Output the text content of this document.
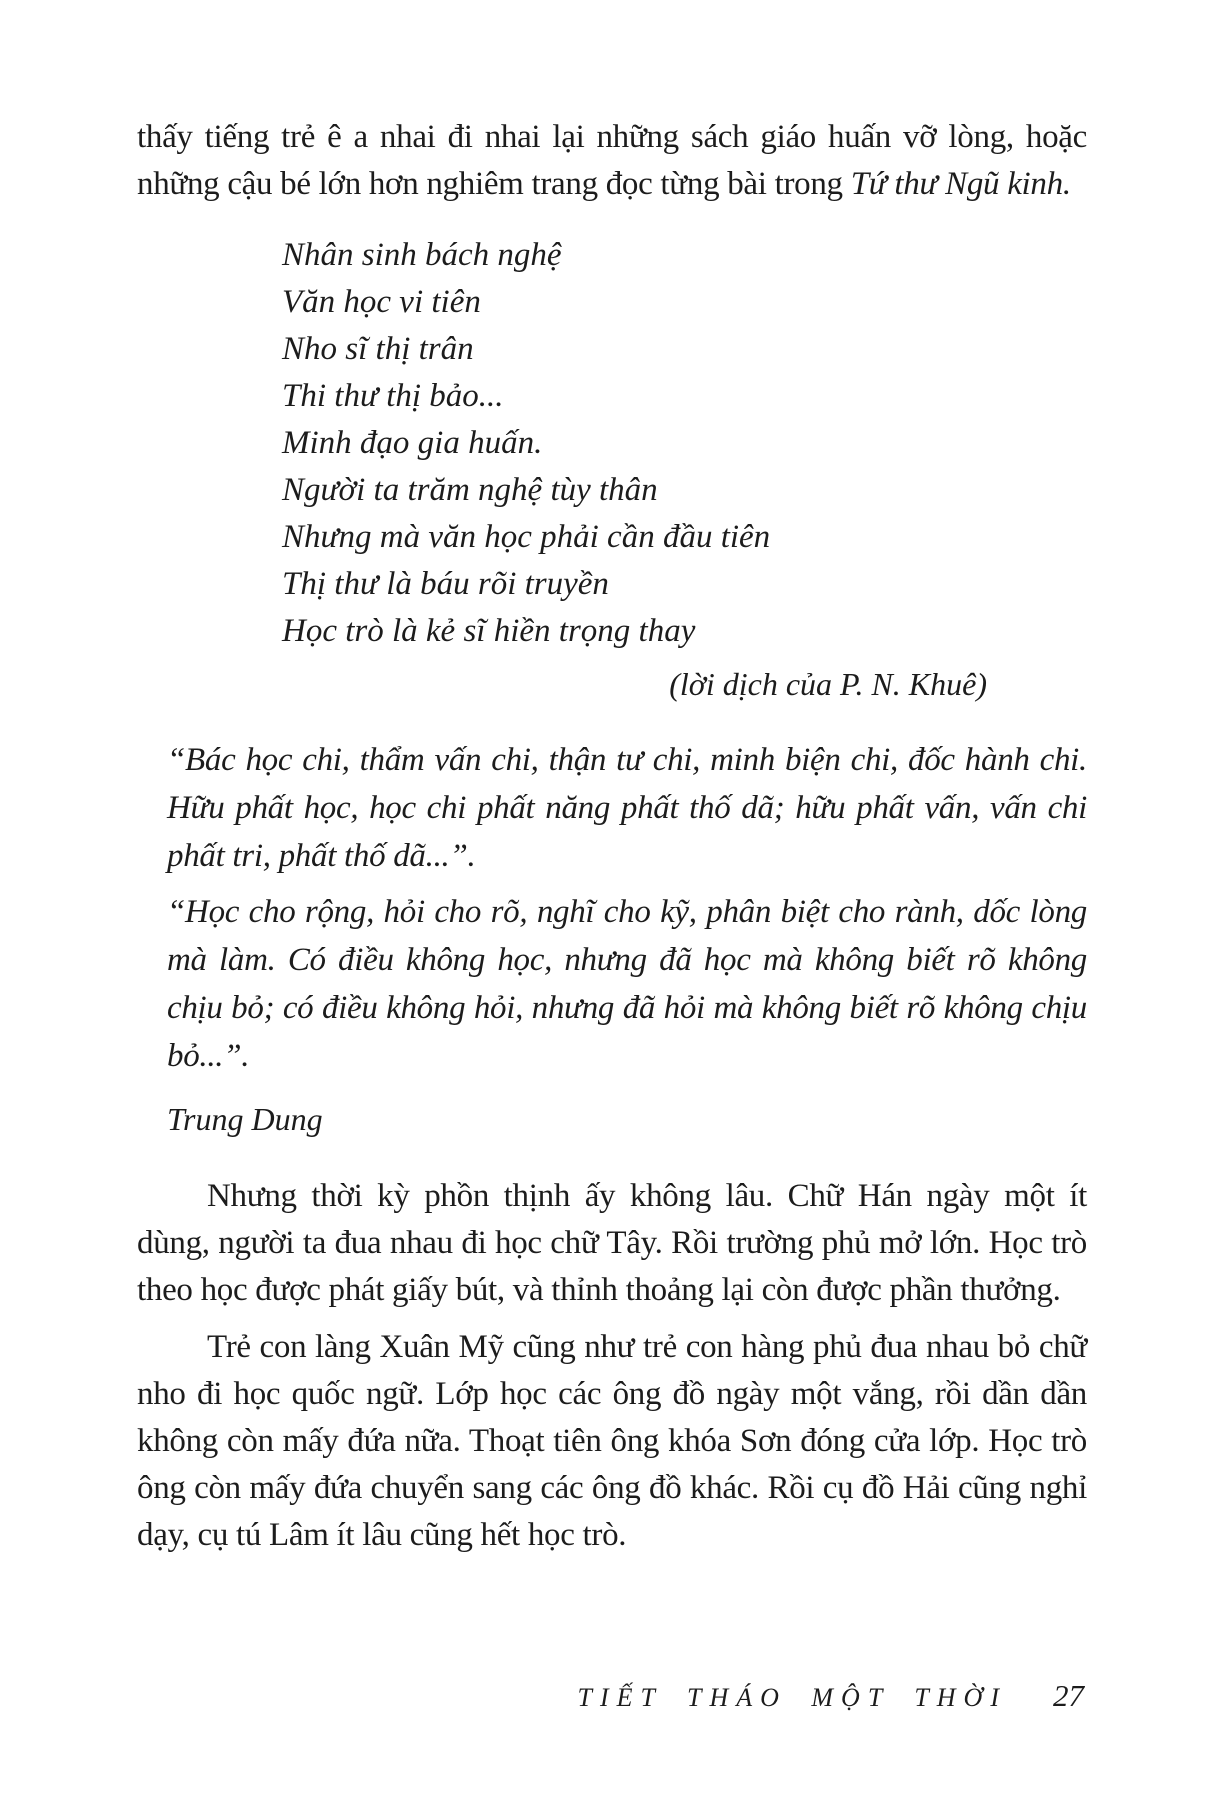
thấy tiếng trẻ ê a nhai đi nhai lại những sách giáo huấn vỡ lòng, hoặc những cậu bé lớn hơn nghiêm trang đọc từng bài trong Tứ thư Ngũ kinh.

Nhân sinh bách nghệ
Văn học vi tiên
Nho sĩ thị trân
Thi thư thị bảo...
Minh đạo gia huấn.
Người ta trăm nghệ tùy thân
Nhưng mà văn học phải cần đầu tiên
Thị thư là báu rõi truyền
Học trò là kẻ sĩ hiền trọng thay
(lời dịch của P. N. Khuê)

“Bác học chi, thẩm vấn chi, thận tư chi, minh biện chi, đốc hành chi. Hữu phất học, học chi phất năng phất thố dã; hữu phất vấn, vấn chi phất tri, phất thố dã...”.

“Học cho rộng, hỏi cho rõ, nghĩ cho kỹ, phân biệt cho rành, dốc lòng mà làm. Có điều không học, nhưng đã học mà không biết rõ không chịu bỏ; có điều không hỏi, nhưng đã hỏi mà không biết rõ không chịu bỏ...”.

Trung Dung

Nhưng thời kỳ phồn thịnh ấy không lâu. Chữ Hán ngày một ít dùng, người ta đua nhau đi học chữ Tây. Rồi trường phủ mở lớn. Học trò theo học được phát giấy bút, và thỉnh thoảng lại còn được phần thưởng.

Trẻ con làng Xuân Mỹ cũng như trẻ con hàng phủ đua nhau bỏ chữ nho đi học quốc ngữ. Lớp học các ông đồ ngày một vắng, rồi dần dần không còn mấy đứa nữa. Thoạt tiên ông khóa Sơn đóng cửa lớp. Học trò ông còn mấy đứa chuyển sang các ông đồ khác. Rồi cụ đồ Hải cũng nghỉ dạy, cụ tú Lâm ít lâu cũng hết học trò.

TIẾT THÁO MỘT THỜI 27
